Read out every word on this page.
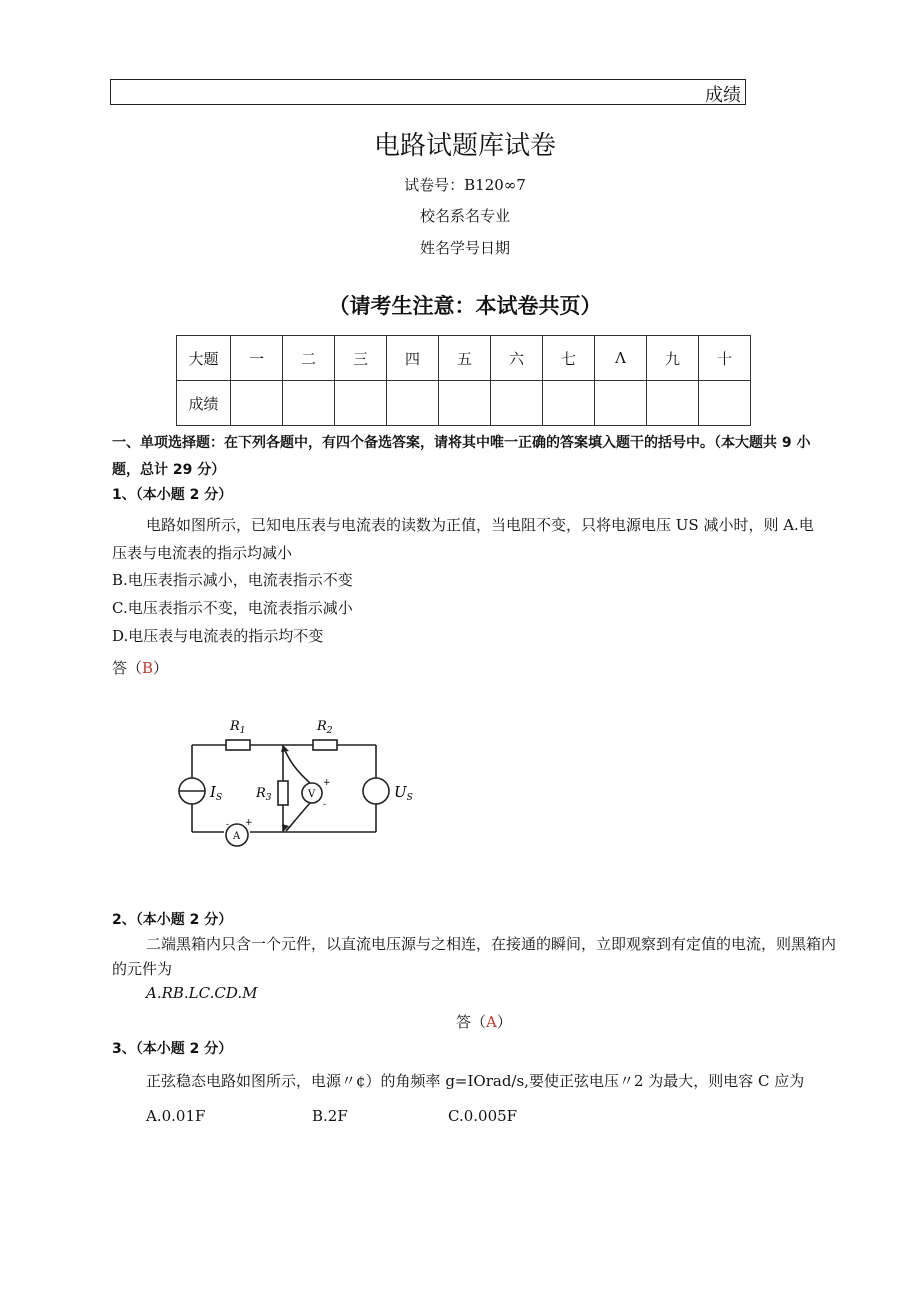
成绩
电路试题库试卷
试卷号：B120∞7
校名系名专业
姓名学号日期
（请考生注意：本试卷共页）
大题	一	二	三	四	五	六	七	Λ	九	十
成绩										
一、单项选择题：在下列各题中，有四个备选答案，请将其中唯一正确的答案填入题干的括号中。（本大题共 9 小题，总计 29 分）
1、（本小题 2 分）
电路如图所示，已知电压表与电流表的读数为正值，当电阻不变，只将电源电压 US 减小时，则 A.电
压表与电流表的指示均减小
B.电压表指示减小，电流表指示不变
C.电压表指示不变，电流表指示减小
D.电压表与电流表的指示均不变
答（B）
$R_1$	$R_2$
$R_3$
$I_S$	$U_S$
V
+
-
A
- +
2、（本小题 2 分）
二端黑箱内只含一个元件，以直流电压源与之相连，在接通的瞬间，立即观察到有定值的电流，则黑箱内
的元件为
A.RB.LC.CD.M
答（A）
3、（本小题 2 分）
正弦稳态电路如图所示，电源〃¢）的角频率 g=IOrad∕s,要使正弦电压〃2 为最大，则电容 C 应为
A.0.01F	B.2F	C.0.005F
